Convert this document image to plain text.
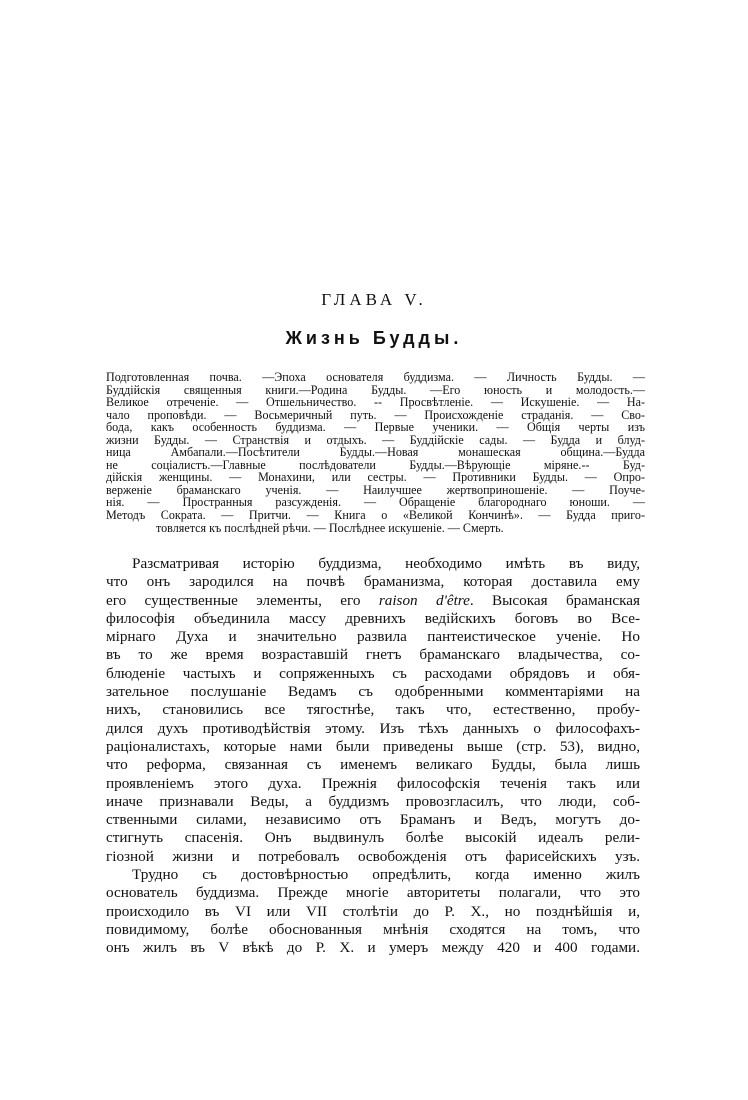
ГЛАВА V.
Жизнь Будды.
Подготовленная почва. —Эпоха основателя буддизма. — Личность Будды. —
Буддійскія священныя книги.—Родина Будды. —Его юность и молодость.—
Великое отреченіе. — Отшельничество. -- Просвѣтленіе. — Искушеніе. — На-
чало проповѣди. — Восьмеричный путь. — Происхожденіе страданія. — Сво-
бода, какъ особенность буддизма. — Первые ученики. — Общія черты изъ
жизни Будды. — Странствія и отдыхъ. — Буддійскіе сады. — Будда и блуд-
ница Амбапали.—Посѣтители Будды.—Новая монашеская община.—Будда
не соціалистъ.—Главные послѣдователи Будды.—Вѣрующіе міряне.-- Буд-
дійскія женщины. — Монахини, или сестры. — Противники Будды. — Опро-
верженіе браманскаго ученія. — Наилучшее жертвоприношеніе. — Поуче-
нія. — Пространныя разсужденія. — Обращеніе благороднаго юноши. —
Методъ Сократа. — Притчи. — Книга о «Великой Кончинѣ». — Будда приго-
товляется къ послѣдней рѣчи. — Послѣднее искушеніе. — Смерть.
Разсматривая исторію буддизма, необходимо имѣть въ виду,
что онъ зародился на почвѣ браманизма, которая доставила ему
его существенные элементы, его raison d'être. Высокая браманская
философія объединила массу древнихъ ведійскихъ боговъ во Все-
мірнаго Духа и значительно развила пантеистическое ученіе. Но
въ то же время возраставшій гнетъ браманскаго владычества, со-
блюденіе частыхъ и сопряженныхъ съ расходами обрядовъ и обя-
зательное послушаніе Ведамъ съ одобренными комментаріями на
нихъ, становились все тягостнѣе, такъ что, естественно, пробу-
дился духъ противодѣйствія этому. Изъ тѣхъ данныхъ о философахъ-
раціоналистахъ, которые нами были приведены выше (стр. 53), видно,
что реформа, связанная съ именемъ великаго Будды, была лишь
проявленіемъ этого духа. Прежнія философскія теченія такъ или
иначе признавали Веды, а буддизмъ провозгласилъ, что люди, соб-
ственными силами, независимо отъ Браманъ и Ведъ, могутъ до-
стигнуть спасенія. Онъ выдвинулъ болѣе высокій идеалъ рели-
гіозной жизни и потребовалъ освобожденія отъ фарисейскихъ узъ.
Трудно съ достовѣрностью опредѣлить, когда именно жилъ
основатель буддизма. Прежде многіе авторитеты полагали, что это
происходило въ VI или VII столѣтіи до Р. Х., но позднѣйшія и,
повидимому, болѣе обоснованныя мнѣнія сходятся на томъ, что
онъ жилъ въ V вѣкѣ до Р. Х. и умеръ между 420 и 400 годами.
